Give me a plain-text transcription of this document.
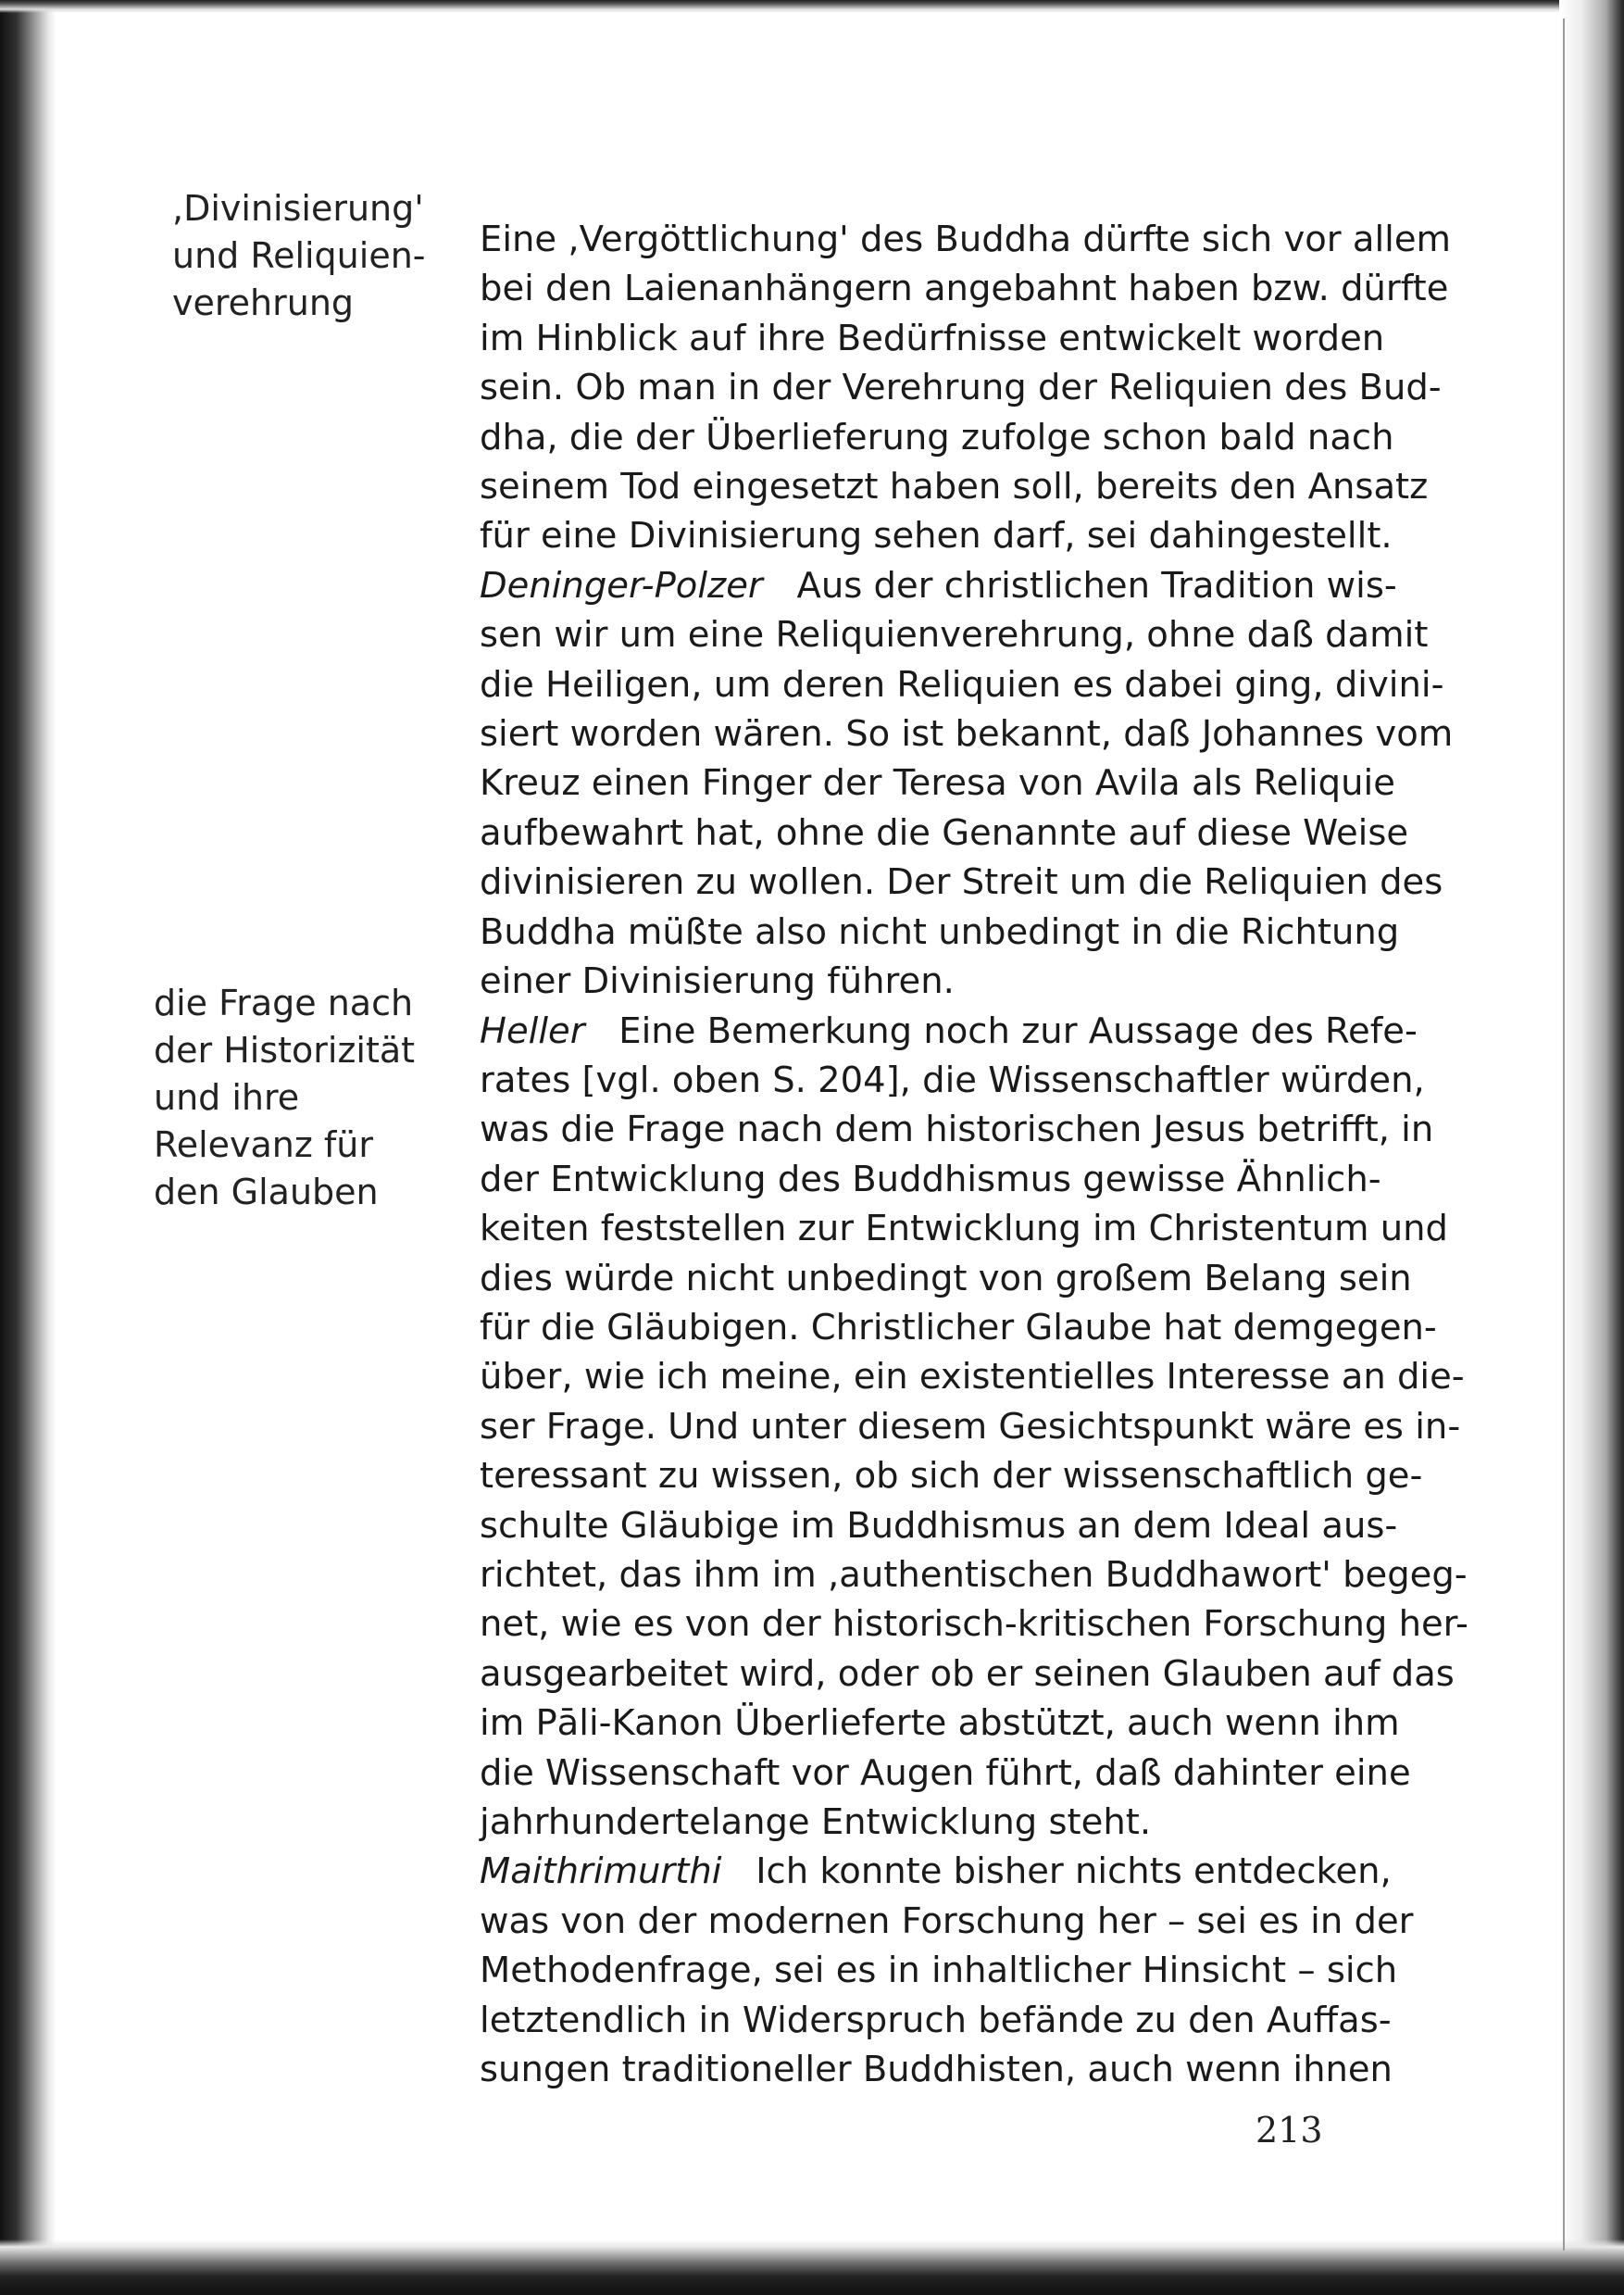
,Divinisierung'
und Reliquien-
verehrung
die Frage nach
der Historizität
und ihre
Relevanz für
den Glauben
Eine ,Vergöttlichung' des Buddha dürfte sich vor allem
bei den Laienanhängern angebahnt haben bzw. dürfte
im Hinblick auf ihre Bedürfnisse entwickelt worden
sein. Ob man in der Verehrung der Reliquien des Bud-
dha, die der Überlieferung zufolge schon bald nach
seinem Tod eingesetzt haben soll, bereits den Ansatz
für eine Divinisierung sehen darf, sei dahingestellt.
Deninger-Polzer Aus der christlichen Tradition wis-
sen wir um eine Reliquienverehrung, ohne daß damit
die Heiligen, um deren Reliquien es dabei ging, divini-
siert worden wären. So ist bekannt, daß Johannes vom
Kreuz einen Finger der Teresa von Avila als Reliquie
aufbewahrt hat, ohne die Genannte auf diese Weise
divinisieren zu wollen. Der Streit um die Reliquien des
Buddha müßte also nicht unbedingt in die Richtung
einer Divinisierung führen.
Heller Eine Bemerkung noch zur Aussage des Refe-
rates [vgl. oben S. 204], die Wissenschaftler würden,
was die Frage nach dem historischen Jesus betrifft, in
der Entwicklung des Buddhismus gewisse Ähnlich-
keiten feststellen zur Entwicklung im Christentum und
dies würde nicht unbedingt von großem Belang sein
für die Gläubigen. Christlicher Glaube hat demgegen-
über, wie ich meine, ein existentielles Interesse an die-
ser Frage. Und unter diesem Gesichtspunkt wäre es in-
teressant zu wissen, ob sich der wissenschaftlich ge-
schulte Gläubige im Buddhismus an dem Ideal aus-
richtet, das ihm im ,authentischen Buddhawort' begeg-
net, wie es von der historisch-kritischen Forschung her-
ausgearbeitet wird, oder ob er seinen Glauben auf das
im Pāli-Kanon Überlieferte abstützt, auch wenn ihm
die Wissenschaft vor Augen führt, daß dahinter eine
jahrhundertelange Entwicklung steht.
Maithrimurthi Ich konnte bisher nichts entdecken,
was von der modernen Forschung her – sei es in der
Methodenfrage, sei es in inhaltlicher Hinsicht – sich
letztendlich in Widerspruch befände zu den Auffas-
sungen traditioneller Buddhisten, auch wenn ihnen
213
